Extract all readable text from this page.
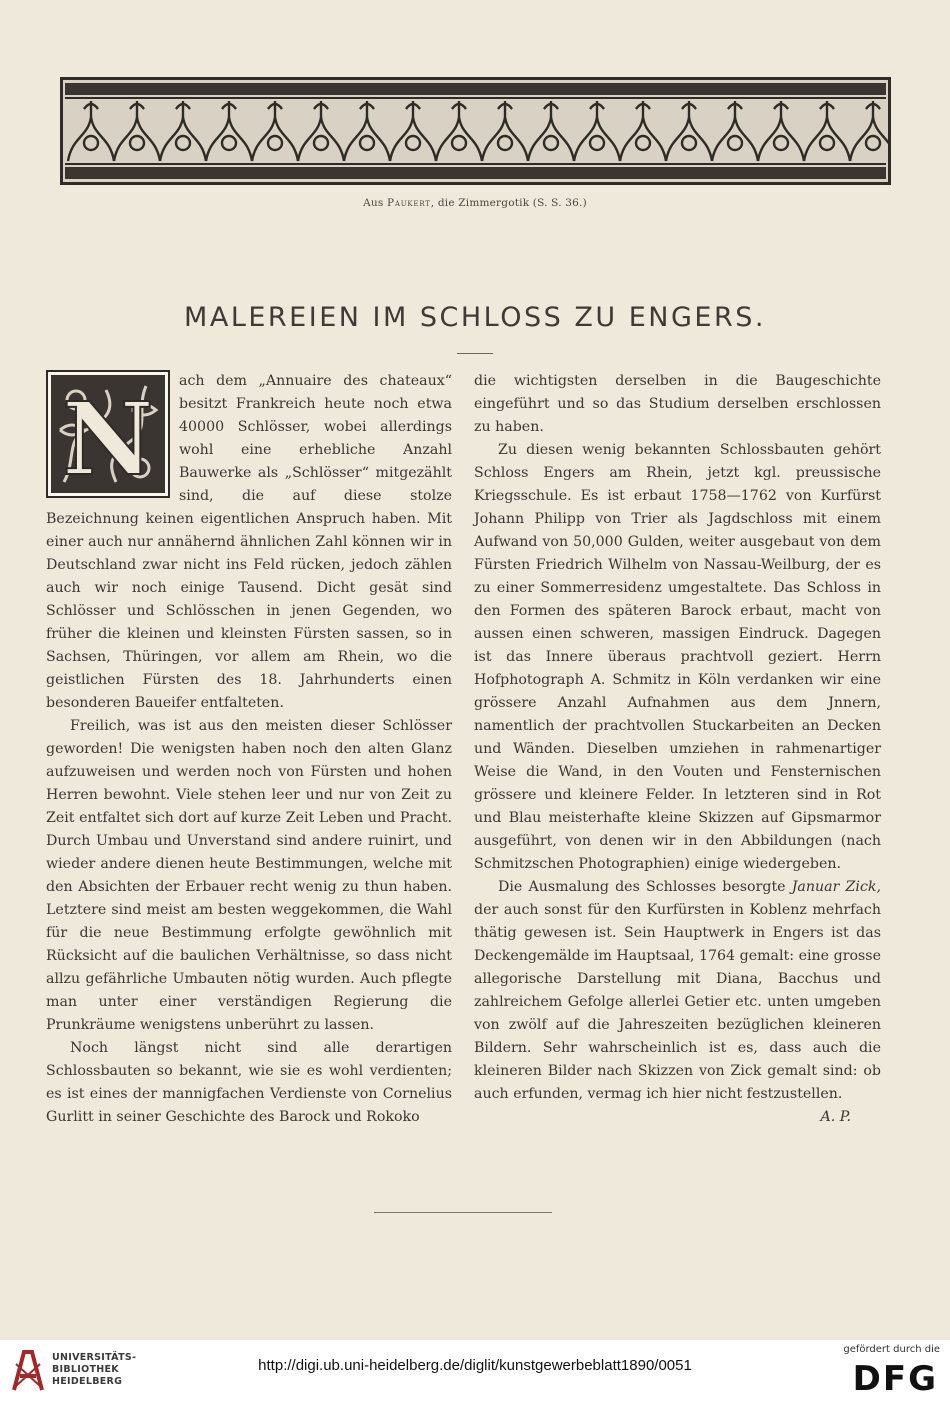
Aus Paukert, die Zimmergotik (S. S. 36.)
MALEREIEN IM SCHLOSS ZU ENGERS.
N	ach dem „Annuaire des chateaux“ besitzt Frankreich heute noch etwa 40000 Schlösser, wobei allerdings wohl eine erhebliche Anzahl Bauwerke als „Schlösser“ mitgezählt sind, die auf diese stolze Bezeichnung keinen eigentlichen Anspruch haben. Mit einer auch nur annähernd ähnlichen Zahl können wir in Deutschland zwar nicht ins Feld rücken, jedoch zählen auch wir noch einige Tausend. Dicht gesät sind Schlösser und Schlösschen in jenen Gegenden, wo früher die kleinen und kleinsten Fürsten sassen, so in Sachsen, Thüringen, vor allem am Rhein, wo die geistlichen Fürsten des 18. Jahrhunderts einen besonderen Baueifer entfalteten.

Freilich, was ist aus den meisten dieser Schlösser geworden! Die wenigsten haben noch den alten Glanz aufzuweisen und werden noch von Fürsten und hohen Herren bewohnt. Viele stehen leer und nur von Zeit zu Zeit entfaltet sich dort auf kurze Zeit Leben und Pracht. Durch Umbau und Unverstand sind andere ruinirt, und wieder andere dienen heute Bestimmungen, welche mit den Absichten der Erbauer recht wenig zu thun haben. Letztere sind meist am besten weggekommen, die Wahl für die neue Bestimmung erfolgte gewöhnlich mit Rücksicht auf die baulichen Verhältnisse, so dass nicht allzu gefährliche Umbauten nötig wurden. Auch pflegte man unter einer verständigen Regierung die Prunkräume wenigstens unberührt zu lassen.

Noch längst nicht sind alle derartigen Schlossbauten so bekannt, wie sie es wohl verdienten; es ist eines der mannigfachen Verdienste von Cornelius Gurlitt in seiner Geschichte des Barock und Rokoko

die wichtigsten derselben in die Baugeschichte eingeführt und so das Studium derselben erschlossen zu haben.

Zu diesen wenig bekannten Schlossbauten gehört Schloss Engers am Rhein, jetzt kgl. preussische Kriegsschule. Es ist erbaut 1758—1762 von Kurfürst Johann Philipp von Trier als Jagdschloss mit einem Aufwand von 50,000 Gulden, weiter ausgebaut von dem Fürsten Friedrich Wilhelm von Nassau-Weilburg, der es zu einer Sommerresidenz umgestaltete. Das Schloss in den Formen des späteren Barock erbaut, macht von aussen einen schweren, massigen Eindruck. Dagegen ist das Innere überaus prachtvoll geziert. Herrn Hofphotograph A. Schmitz in Köln verdanken wir eine grössere Anzahl Aufnahmen aus dem Jnnern, namentlich der prachtvollen Stuckarbeiten an Decken und Wänden. Dieselben umziehen in rahmenartiger Weise die Wand, in den Vouten und Fensternischen grössere und kleinere Felder. In letzteren sind in Rot und Blau meisterhafte kleine Skizzen auf Gipsmarmor ausgeführt, von denen wir in den Abbildungen (nach Schmitzschen Photographien) einige wiedergeben.

Die Ausmalung des Schlosses besorgte Januar Zick, der auch sonst für den Kurfürsten in Koblenz mehrfach thätig gewesen ist. Sein Hauptwerk in Engers ist das Deckengemälde im Hauptsaal, 1764 gemalt: eine grosse allegorische Darstellung mit Diana, Bacchus und zahlreichem Gefolge allerlei Getier etc. unten umgeben von zwölf auf die Jahreszeiten bezüglichen kleineren Bildern. Sehr wahrscheinlich ist es, dass auch die kleineren Bilder nach Skizzen von Zick gemalt sind: ob auch erfunden, vermag ich hier nicht festzustellen.
A. P.

UNIVERSITÄTS-
BIBLIOTHEK
HEIDELBERG
http://digi.ub.uni-heidelberg.de/diglit/kunstgewerbeblatt1890/0051
gefördert durch die
DFG
